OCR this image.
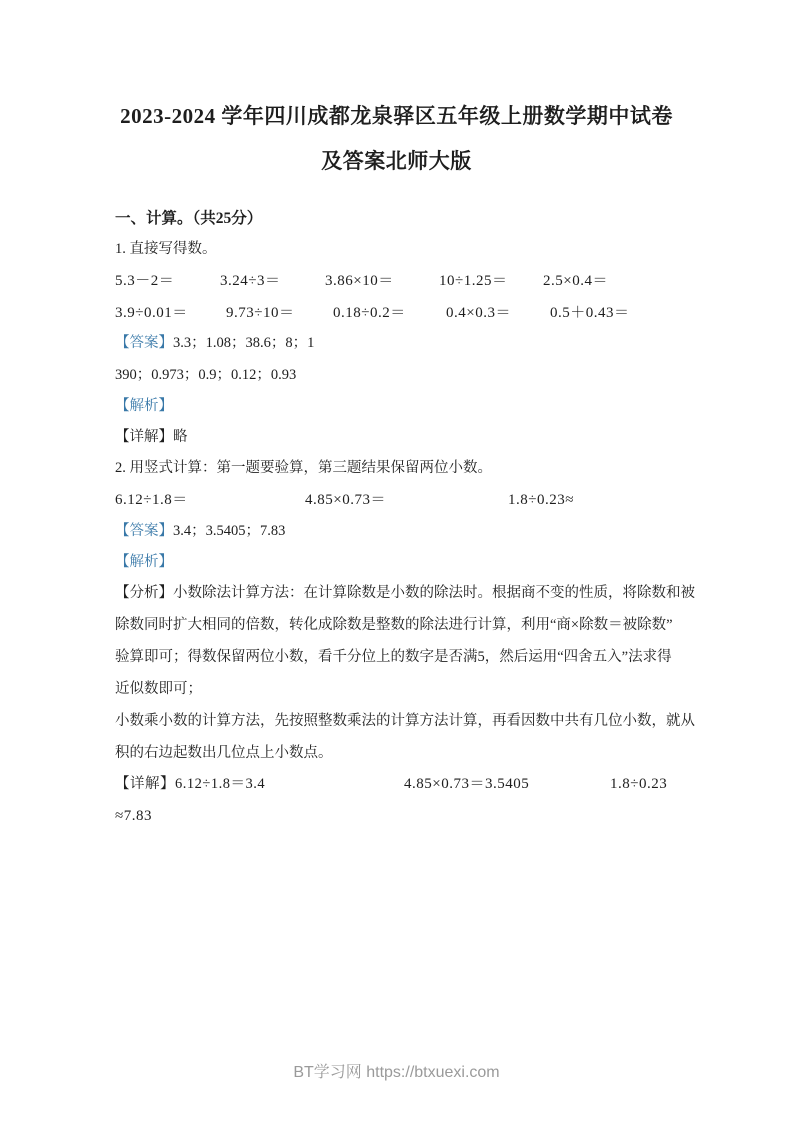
2023-2024 学年四川成都龙泉驿区五年级上册数学期中试卷
及答案北师大版
一、计算。（共25分）
1. 直接写得数。
5.3－2＝	3.24÷3＝	3.86×10＝	10÷1.25＝ 2.5×0.4＝
3.9÷0.01＝	9.73÷10＝	0.18÷0.2＝	0.4×0.3＝	0.5＋0.43＝
【答案】3.3；1.08；38.6；8；1
390；0.973；0.9；0.12；0.93
【解析】
【详解】略
2. 用竖式计算：第一题要验算，第三题结果保留两位小数。
6.12÷1.8＝	4.85×0.73＝	1.8÷0.23≈
【答案】3.4；3.5405；7.83
【解析】
【分析】小数除法计算方法：在计算除数是小数的除法时。根据商不变的性质，将除数和被
除数同时扩大相同的倍数，转化成除数是整数的除法进行计算，利用“商×除数＝被除数”
验算即可；得数保留两位小数，看千分位上的数字是否满5，然后运用“四舍五入”法求得
近似数即可；
小数乘小数的计算方法，先按照整数乘法的计算方法计算，再看因数中共有几位小数，就从
积的右边起数出几位点上小数点。
【详解】6.12÷1.8＝3.4	4.85×0.73＝3.5405	1.8÷0.23
≈7.83
BT学习网 https://btxuexi.com
